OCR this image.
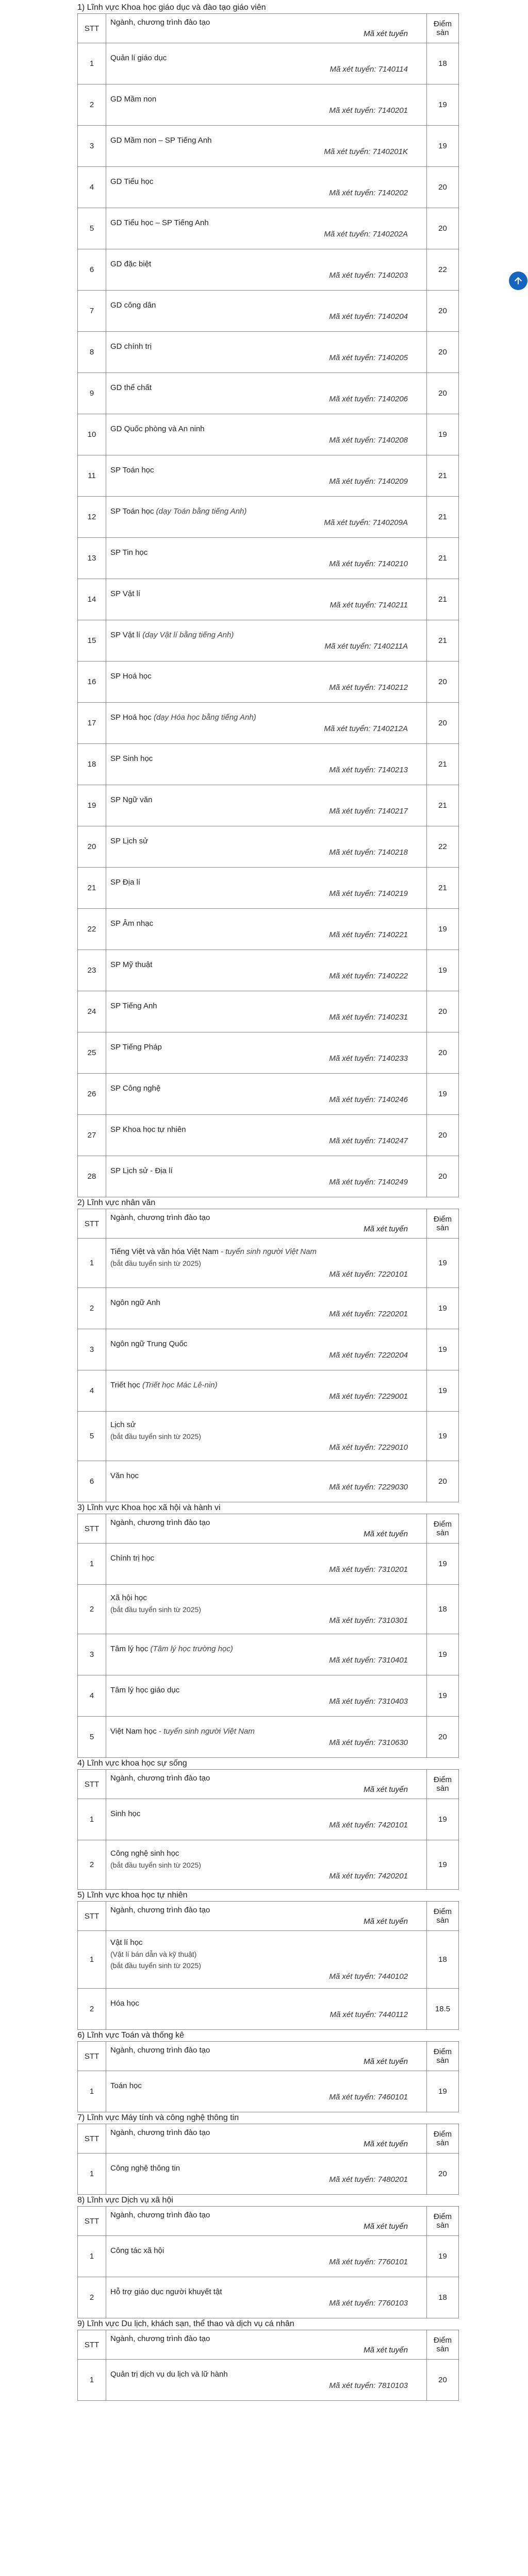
1) Lĩnh vực Khoa học giáo dục và đào tạo giáo viên

STT	Ngành, chương trình đào tạo
Mã xét tuyển	Điểm sàn
1	Quản lí giáo dục
Mã xét tuyển: 7140114	18
2	GD Mầm non
Mã xét tuyển: 7140201	19
3	GD Mầm non – SP Tiếng Anh
Mã xét tuyển: 7140201K	19
4	GD Tiểu học
Mã xét tuyển: 7140202	20
5	GD Tiểu học – SP Tiếng Anh
Mã xét tuyển: 7140202A	20
6	GD đặc biệt
Mã xét tuyển: 7140203	22
7	GD công dân
Mã xét tuyển: 7140204	20
8	GD chính trị
Mã xét tuyển: 7140205	20
9	GD thể chất
Mã xét tuyển: 7140206	20
10	GD Quốc phòng và An ninh
Mã xét tuyển: 7140208	19
11	SP Toán học
Mã xét tuyển: 7140209	21
12	SP Toán học (dạy Toán bằng tiếng Anh)
Mã xét tuyển: 7140209A	21
13	SP Tin học
Mã xét tuyển: 7140210	21
14	SP Vật lí
Mã xét tuyển: 7140211	21
15	SP Vật lí (dạy Vật lí bằng tiếng Anh)
Mã xét tuyển: 7140211A	21
16	SP Hoá học
Mã xét tuyển: 7140212	20
17	SP Hoá học (dạy Hóa học bằng tiếng Anh)
Mã xét tuyển: 7140212A	20
18	SP Sinh học
Mã xét tuyển: 7140213	21
19	SP Ngữ văn
Mã xét tuyển: 7140217	21
20	SP Lịch sử
Mã xét tuyển: 7140218	22
21	SP Địa lí
Mã xét tuyển: 7140219	21
22	SP Âm nhạc
Mã xét tuyển: 7140221	19
23	SP Mỹ thuật
Mã xét tuyển: 7140222	19
24	SP Tiếng Anh
Mã xét tuyển: 7140231	20
25	SP Tiếng Pháp
Mã xét tuyển: 7140233	20
26	SP Công nghệ
Mã xét tuyển: 7140246	19
27	SP Khoa học tự nhiên
Mã xét tuyển: 7140247	20
28	SP Lịch sử - Địa lí
Mã xét tuyển: 7140249	20

2) Lĩnh vực nhân văn

STT	Ngành, chương trình đào tạo
Mã xét tuyển	Điểm sàn
1	Tiếng Việt và văn hóa Việt Nam - tuyển sinh người Việt Nam
(bắt đầu tuyển sinh từ 2025)
Mã xét tuyển: 7220101	19
2	Ngôn ngữ Anh
Mã xét tuyển: 7220201	19
3	Ngôn ngữ Trung Quốc
Mã xét tuyển: 7220204	19
4	Triết học (Triết học Mác Lê-nin)
Mã xét tuyển: 7229001	19
5	Lịch sử
(bắt đầu tuyển sinh từ 2025)
Mã xét tuyển: 7229010	19
6	Văn học
Mã xét tuyển: 7229030	20

3) Lĩnh vực Khoa học xã hội và hành vi

STT	Ngành, chương trình đào tạo
Mã xét tuyển	Điểm sàn
1	Chính trị học
Mã xét tuyển: 7310201	19
2	Xã hội học
(bắt đầu tuyển sinh từ 2025)
Mã xét tuyển: 7310301	18
3	Tâm lý học (Tâm lý học trường học)
Mã xét tuyển: 7310401	19
4	Tâm lý học giáo dục
Mã xét tuyển: 7310403	19
5	Việt Nam học - tuyển sinh người Việt Nam
Mã xét tuyển: 7310630	20

4) Lĩnh vực khoa học sự sống

STT	Ngành, chương trình đào tạo
Mã xét tuyển	Điểm sàn
1	Sinh học
Mã xét tuyển: 7420101	19
2	Công nghệ sinh học
(bắt đầu tuyển sinh từ 2025)
Mã xét tuyển: 7420201	19

5) Lĩnh vực khoa học tự nhiên

STT	Ngành, chương trình đào tạo
Mã xét tuyển	Điểm sàn
1	Vật lí học
(Vật lí bán dẫn và kỹ thuật)
(bắt đầu tuyển sinh từ 2025)
Mã xét tuyển: 7440102	18
2	Hóa học
Mã xét tuyển: 7440112	18.5

6) Lĩnh vực Toán và thống kê

STT	Ngành, chương trình đào tạo
Mã xét tuyển	Điểm sàn
1	Toán học
Mã xét tuyển: 7460101	19

7) Lĩnh vực Máy tính và công nghệ thông tin

STT	Ngành, chương trình đào tạo
Mã xét tuyển	Điểm sàn
1	Công nghệ thông tin
Mã xét tuyển: 7480201	20

8) Lĩnh vực Dịch vụ xã hội

STT	Ngành, chương trình đào tạo
Mã xét tuyển	Điểm sàn
1	Công tác xã hội
Mã xét tuyển: 7760101	19
2	Hỗ trợ giáo dục người khuyết tật
Mã xét tuyển: 7760103	18

9) Lĩnh vực Du lịch, khách sạn, thể thao và dịch vụ cá nhân

STT	Ngành, chương trình đào tạo
Mã xét tuyển	Điểm sàn
1	Quản trị dịch vụ du lịch và lữ hành
Mã xét tuyển: 7810103	20
